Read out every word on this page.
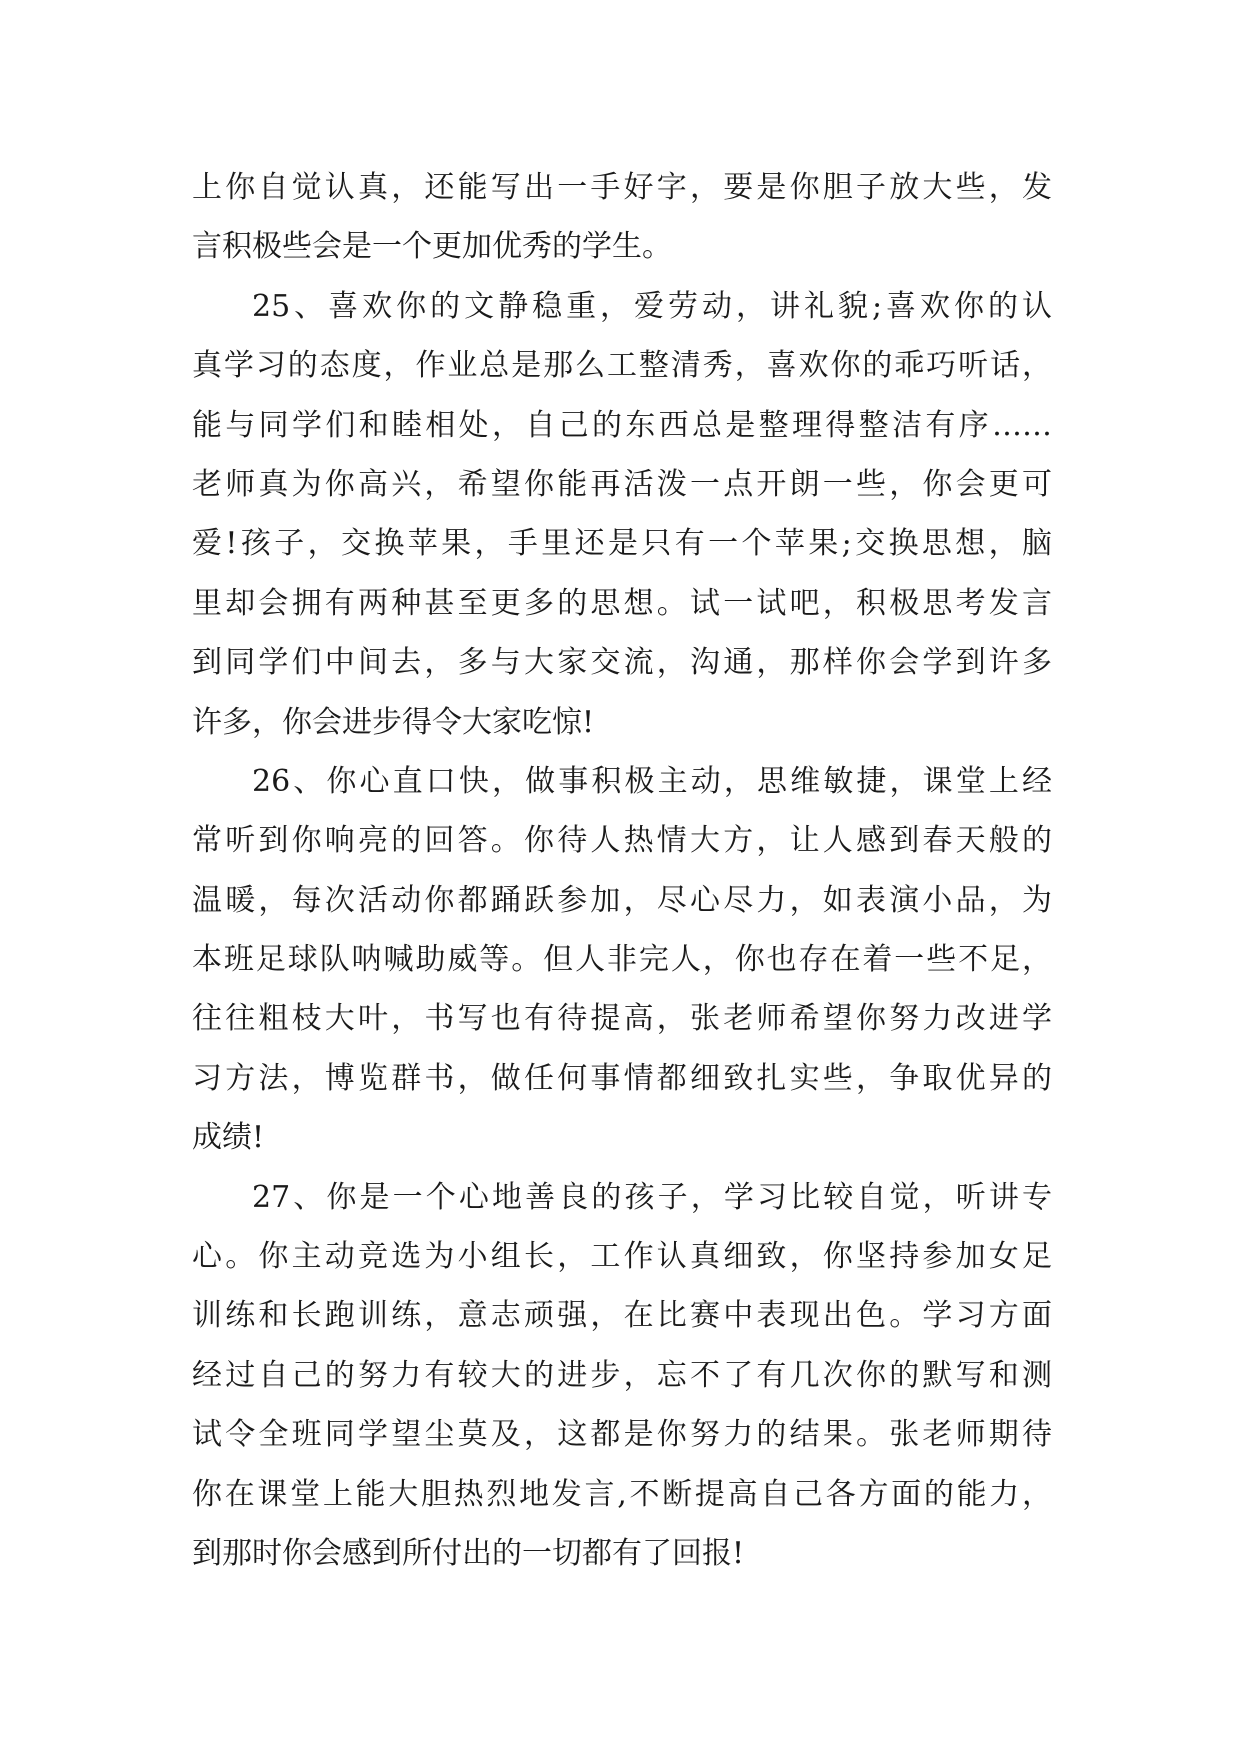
上你自觉认真，还能写出一手好字，要是你胆子放大些，发
言积极些会是一个更加优秀的学生。
25、喜欢你的文静稳重，爱劳动，讲礼貌;喜欢你的认
真学习的态度，作业总是那么工整清秀，喜欢你的乖巧听话，
能与同学们和睦相处，自己的东西总是整理得整洁有序……
老师真为你高兴，希望你能再活泼一点开朗一些，你会更可
爱!孩子，交换苹果，手里还是只有一个苹果;交换思想，脑
里却会拥有两种甚至更多的思想。试一试吧，积极思考发言
到同学们中间去，多与大家交流，沟通，那样你会学到许多
许多，你会进步得令大家吃惊!
26、你心直口快，做事积极主动，思维敏捷，课堂上经
常听到你响亮的回答。你待人热情大方，让人感到春天般的
温暖，每次活动你都踊跃参加，尽心尽力，如表演小品，为
本班足球队呐喊助威等。但人非完人，你也存在着一些不足，
往往粗枝大叶，书写也有待提高，张老师希望你努力改进学
习方法，博览群书，做任何事情都细致扎实些，争取优异的
成绩!
27、你是一个心地善良的孩子，学习比较自觉，听讲专
心。你主动竞选为小组长，工作认真细致，你坚持参加女足
训练和长跑训练，意志顽强，在比赛中表现出色。学习方面
经过自己的努力有较大的进步，忘不了有几次你的默写和测
试令全班同学望尘莫及，这都是你努力的结果。张老师期待
你在课堂上能大胆热烈地发言,不断提高自己各方面的能力，
到那时你会感到所付出的一切都有了回报!
